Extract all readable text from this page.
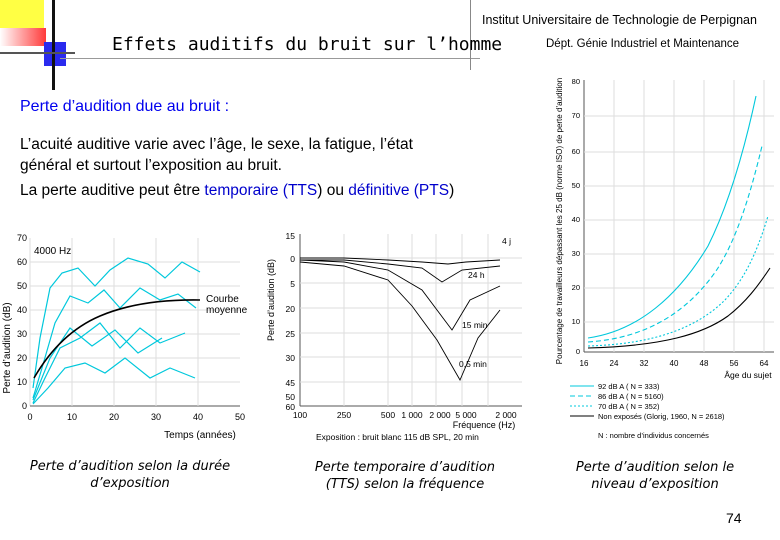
Effets auditifs du bruit sur l’homme
Institut Universitaire de Technologie de Perpignan
Dépt. Génie Industriel et Maintenance
Perte d’audition due au bruit :
L’acuité auditive varie avec l’âge, le sexe, la fatigue, l’état
général et surtout l’exposition au bruit.
La perte auditive peut être temporaire (TTS) ou définitive (PTS)
Perte d’audition (dB)
70
60
50
40
30
20
10
0
0	10	20	30	40	50
Temps (années)
4000 Hz
Courbe
moyenne Perte d’audition (dB)
15
0
5
20
25
30
45
50
60
100	250	500 1 000 2 000 5 000 2 000
Fréquence (Hz)
Exposition : bruit blanc 115 dB SPL, 20 min
4 j
24 h
15 min
0,5 min	Pourcentage de travailleurs dépassant les 25 dB (norme ISO) de perte d’audition 80
70
60
50
40
30
20
10
0
16	24	32	40	48	56	64
Âge du sujet
92 dB A ( N = 333)
86 dB A ( N = 5160)
70 dB A ( N = 352)
Non exposés (Glorig, 1960, N = 2618)
N : nombre d’individus concernés
Perte d’audition selon la durée
d’exposition
Perte temporaire d’audition
(TTS) selon la fréquence
Perte d’audition selon le
niveau d’exposition
74
